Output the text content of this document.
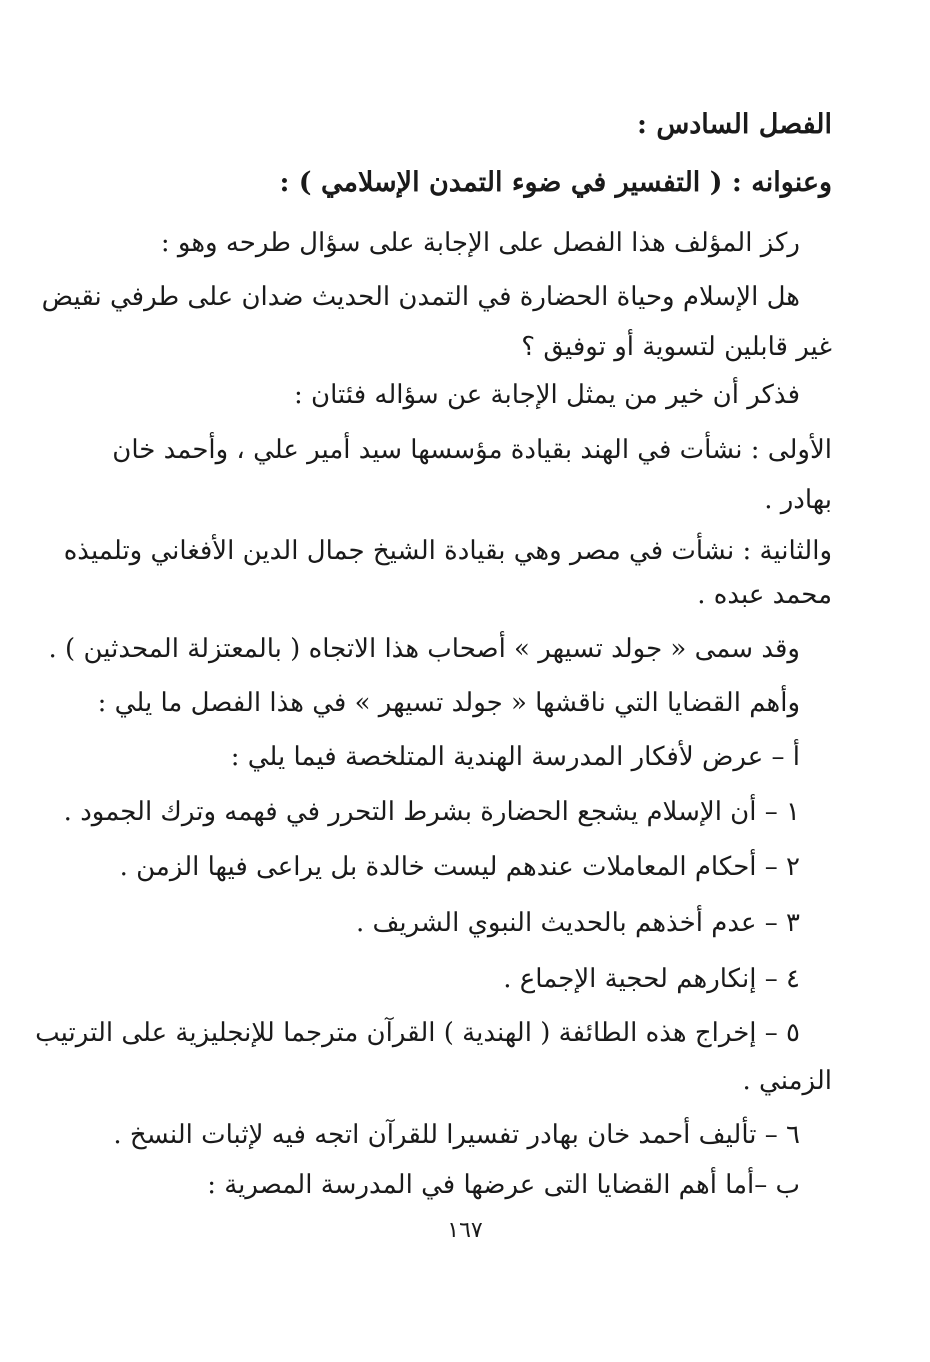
الفصل السادس :
وعنوانه : ( التفسير في ضوء التمدن الإسلامي ) :
ركز المؤلف هذا الفصل على الإجابة على سؤال طرحه وهو :
هل الإسلام وحياة الحضارة في التمدن الحديث ضدان على طرفي نقيض
غير قابلين لتسوية أو توفيق ؟
فذكر أن خير من يمثل الإجابة عن سؤاله فئتان :
الأولى : نشأت في الهند بقيادة مؤسسها سيد أمير علي ، وأحمد خان
بهادر .
والثانية : نشأت في مصر وهي بقيادة الشيخ جمال الدين الأفغاني وتلميذه
محمد عبده .
وقد سمى « جولد تسيهر » أصحاب هذا الاتجاه ( بالمعتزلة المحدثين ) .
وأهم القضايا التي ناقشها « جولد تسيهر » في هذا الفصل ما يلي :
أ – عرض لأفكار المدرسة الهندية المتلخصة فيما يلي :
١ – أن الإسلام يشجع الحضارة بشرط التحرر في فهمه وترك الجمود .
٢ – أحكام المعاملات عندهم ليست خالدة بل يراعى فيها الزمن .
٣ – عدم أخذهم بالحديث النبوي الشريف .
٤ – إنكارهم لحجية الإجماع .
٥ – إخراج هذه الطائفة ( الهندية ) القرآن مترجما للإنجليزية على الترتيب
الزمني .
٦ – تأليف أحمد خان بهادر تفسيرا للقرآن اتجه فيه لإثبات النسخ .
ب –أما أهم القضايا التى عرضها في المدرسة المصرية :
١٦٧
